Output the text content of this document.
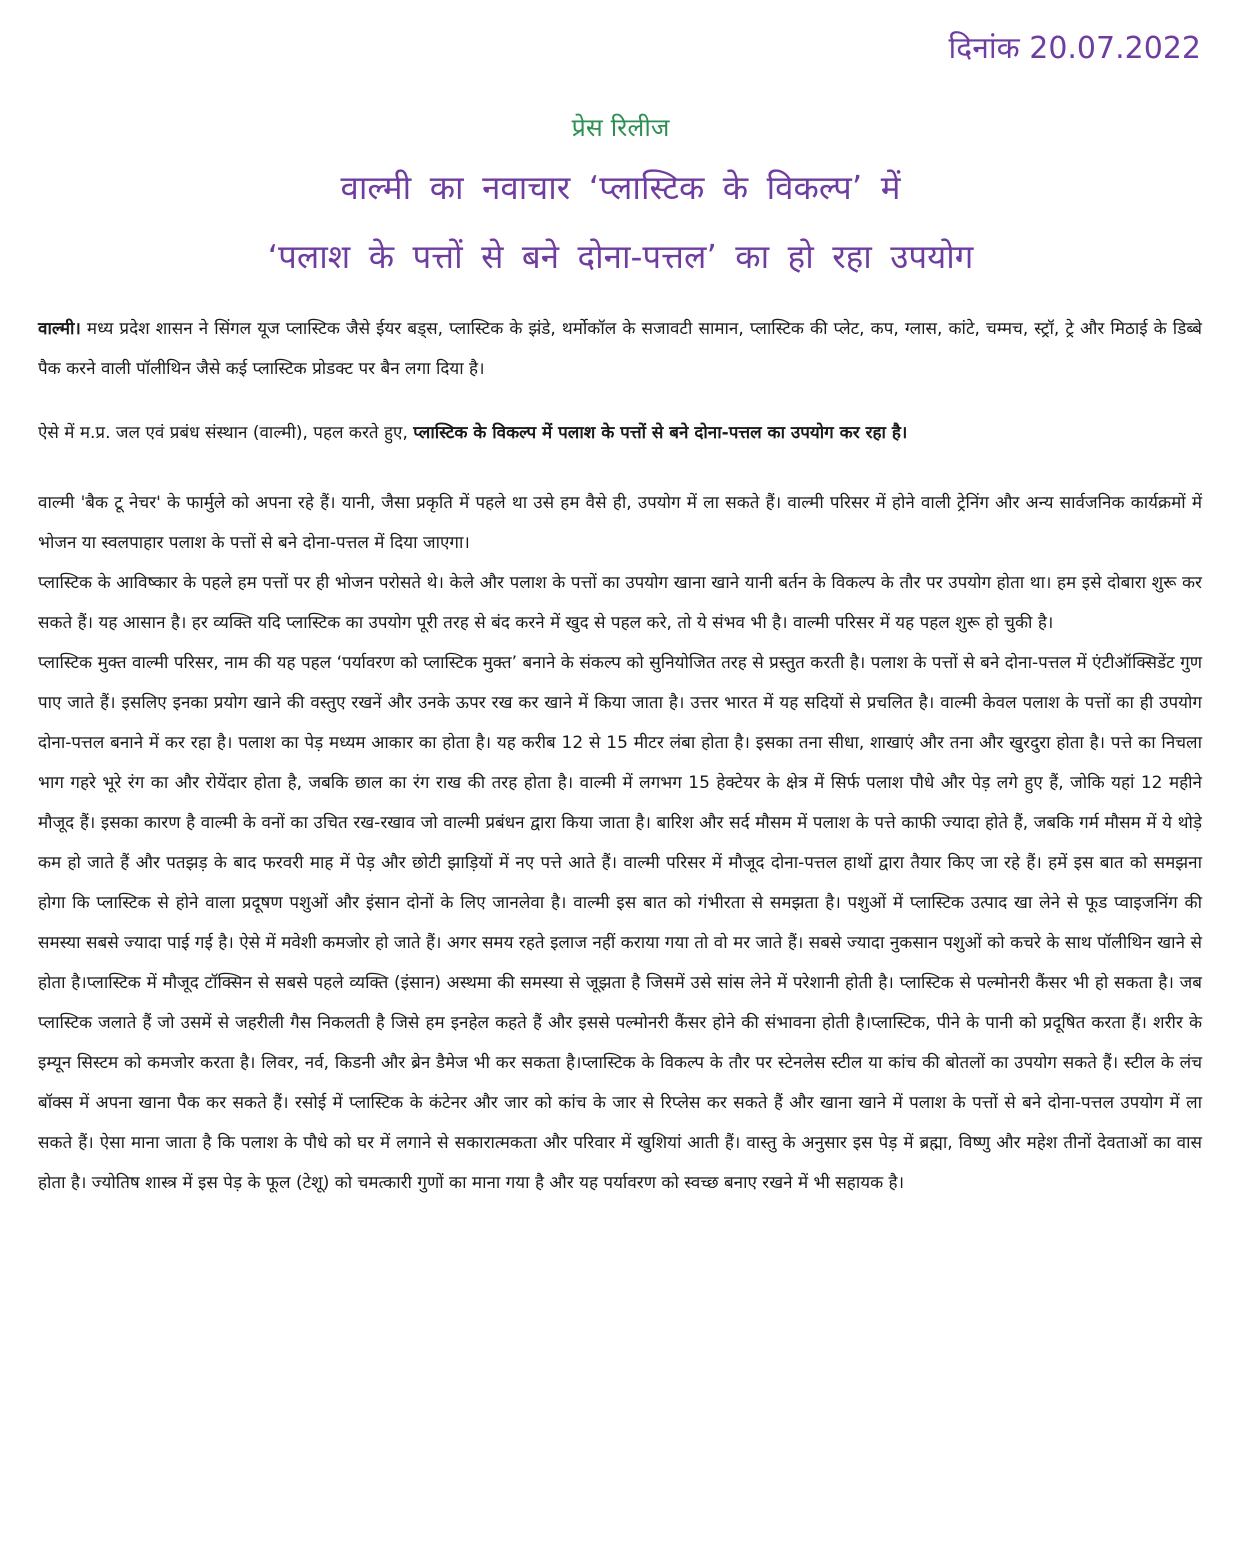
दिनांक 20.07.2022
प्रेस रिलीज
वाल्मी का नवाचार ‘प्लास्टिक के विकल्प’ में
‘पलाश के पत्तों से बने दोना-पत्तल’ का हो रहा उपयोग

वाल्मी। मध्य प्रदेश शासन ने सिंगल यूज प्लास्टिक जैसे ईयर बड्स, प्लास्टिक के झंडे, थर्मोकॉल के सजावटी सामान, प्लास्टिक की प्लेट, कप, ग्लास, कांटे, चम्मच, स्ट्रॉ, ट्रे और मिठाई के डिब्बे पैक करने वाली पॉलीथिन जैसे कई प्लास्टिक प्रोडक्ट पर बैन लगा दिया है।

ऐसे में म.प्र. जल एवं प्रबंध संस्थान (वाल्मी), पहल करते हुए, प्लास्टिक के विकल्प में पलाश के पत्तों से बने दोना-पत्तल का उपयोग कर रहा है।

वाल्मी 'बैक टू नेचर' के फार्मुले को अपना रहे हैं। यानी, जैसा प्रकृति में पहले था उसे हम वैसे ही, उपयोग में ला सकते हैं। वाल्मी परिसर में होने वाली ट्रेनिंग और अन्य सार्वजनिक कार्यक्रमों में भोजन या स्वलपाहार पलाश के पत्तों से बने दोना-पत्तल में दिया जाएगा।

प्लास्टिक के आविष्कार के पहले हम पत्तों पर ही भोजन परोसते थे। केले और पलाश के पत्तों का उपयोग खाना खाने यानी बर्तन के विकल्प के तौर पर उपयोग होता था। हम इसे दोबारा शुरू कर सकते हैं। यह आसान है। हर व्यक्ति यदि प्लास्टिक का उपयोग पूरी तरह से बंद करने में खुद से पहल करे, तो ये संभव भी है। वाल्मी परिसर में यह पहल शुरू हो चुकी है।

प्लास्टिक मुक्त वाल्मी परिसर, नाम की यह पहल ‘पर्यावरण को प्लास्टिक मुक्त’ बनाने के संकल्प को सुनियोजित तरह से प्रस्तुत करती है। पलाश के पत्तों से बने दोना-पत्तल में एंटीऑक्सिडेंट गुण पाए जाते हैं। इसलिए इनका प्रयोग खाने की वस्तुए रखनें और उनके ऊपर रख कर खाने में किया जाता है। उत्तर भारत में यह सदियों से प्रचलित है। वाल्मी केवल पलाश के पत्तों का ही उपयोग दोना-पत्तल बनाने में कर रहा है। पलाश का पेड़ मध्यम आकार का होता है। यह करीब 12 से 15 मीटर लंबा होता है। इसका तना सीधा, शाखाएं और तना और खुरदुरा होता है। पत्ते का निचला भाग गहरे भूरे रंग का और रोयेंदार होता है, जबकि छाल का रंग राख की तरह होता है। वाल्मी में लगभग 15 हेक्टेयर के क्षेत्र में सिर्फ पलाश पौधे और पेड़ लगे हुए हैं, जोकि यहां 12 महीने मौजूद हैं। इसका कारण है वाल्मी के वनों का उचित रख-रखाव जो वाल्मी प्रबंधन द्वारा किया जाता है। बारिश और सर्द मौसम में पलाश के पत्ते काफी ज्यादा होते हैं, जबकि गर्म मौसम में ये थोड़े कम हो जाते हैं और पतझड़ के बाद फरवरी माह में पेड़ और छोटी झाड़ियों में नए पत्ते आते हैं। वाल्मी परिसर में मौजूद दोना-पत्तल हाथों द्वारा तैयार किए जा रहे हैं। हमें इस बात को समझना होगा कि प्लास्टिक से होने वाला प्रदूषण पशुओं और इंसान दोनों के लिए जानलेवा है। वाल्मी इस बात को गंभीरता से समझता है। पशुओं में प्लास्टिक उत्पाद खा लेने से फूड प्वाइजनिंग की समस्या सबसे ज्यादा पाई गई है। ऐसे में मवेशी कमजोर हो जाते हैं। अगर समय रहते इलाज नहीं कराया गया तो वो मर जाते हैं। सबसे ज्यादा नुकसान पशुओं को कचरे के साथ पॉलीथिन खाने से होता है।प्लास्टिक में मौजूद टॉक्सिन से सबसे पहले व्यक्ति (इंसान) अस्थमा की समस्या से जूझता है जिसमें उसे सांस लेने में परेशानी होती है। प्लास्टिक से पल्मोनरी कैंसर भी हो सकता है। जब प्लास्टिक जलाते हैं जो उसमें से जहरीली गैस निकलती है जिसे हम इनहेल कहते हैं और इससे पल्मोनरी कैंसर होने की संभावना होती है।प्लास्टिक, पीने के पानी को प्रदूषित करता हैं। शरीर के इम्यून सिस्टम को कमजोर करता है। लिवर, नर्व, किडनी और ब्रेन डैमेज भी कर सकता है।प्लास्टिक के विकल्प के तौर पर स्टेनलेस स्टील या कांच की बोतलों का उपयोग सकते हैं। स्टील के लंच बॉक्स में अपना खाना पैक कर सकते हैं। रसोई में प्लास्टिक के कंटेनर और जार को कांच के जार से रिप्लेस कर सकते हैं और खाना खाने में पलाश के पत्तों से बने दोना-पत्तल उपयोग में ला सकते हैं। ऐसा माना जाता है कि पलाश के पौधे को घर में लगाने से सकारात्मकता और परिवार में खुशियां आती हैं। वास्तु के अनुसार इस पेड़ में ब्रह्मा, विष्णु और महेश तीनों देवताओं का वास होता है। ज्योतिष शास्त्र में इस पेड़ के फूल (टेशू) को चमत्कारी गुणों का माना गया है और यह पर्यावरण को स्वच्छ बनाए रखने में भी सहायक है।
